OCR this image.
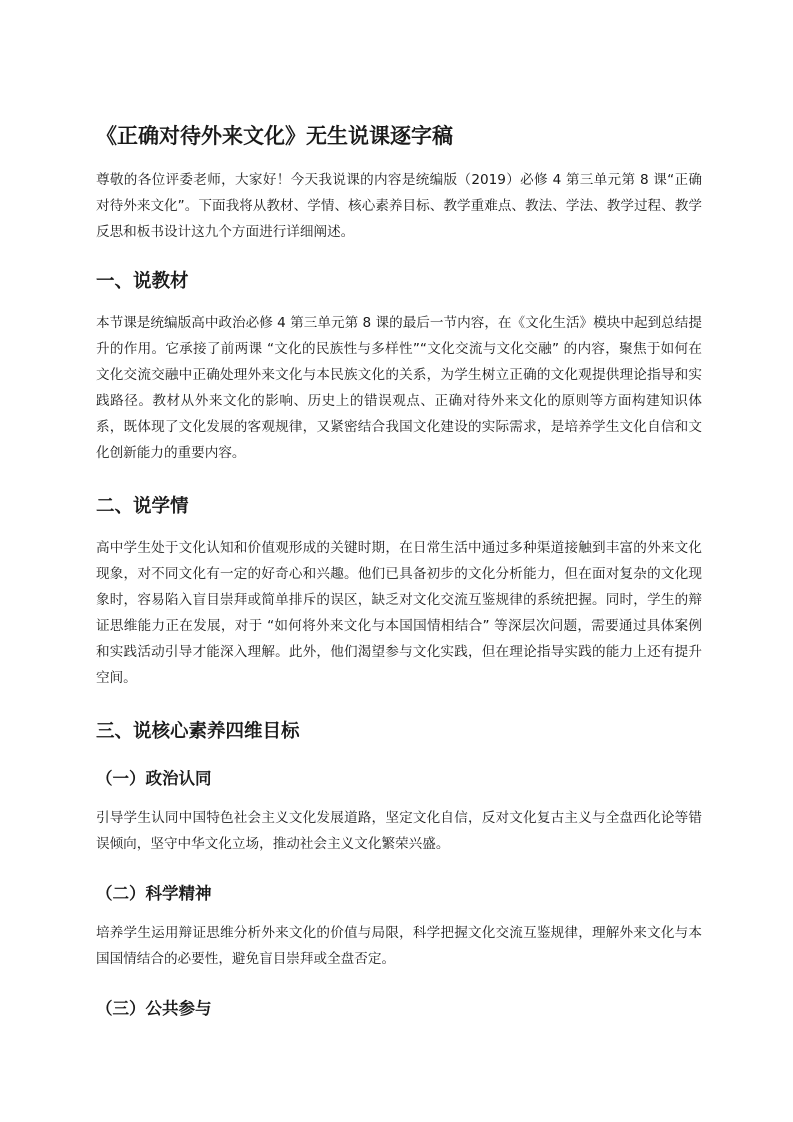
《正确对待外来文化》无生说课逐字稿

尊敬的各位评委老师，大家好！今天我说课的内容是统编版（2019）必修 4 第三单元第 8 课“正确对待外来文化”。下面我将从教材、学情、核心素养目标、教学重难点、教法、学法、教学过程、教学反思和板书设计这九个方面进行详细阐述。

一、说教材

本节课是统编版高中政治必修 4 第三单元第 8 课的最后一节内容，在《文化生活》模块中起到总结提升的作用。它承接了前两课 “文化的民族性与多样性”“文化交流与文化交融” 的内容，聚焦于如何在文化交流交融中正确处理外来文化与本民族文化的关系，为学生树立正确的文化观提供理论指导和实践路径。教材从外来文化的影响、历史上的错误观点、正确对待外来文化的原则等方面构建知识体系，既体现了文化发展的客观规律，又紧密结合我国文化建设的实际需求，是培养学生文化自信和文化创新能力的重要内容。

二、说学情

高中学生处于文化认知和价值观形成的关键时期，在日常生活中通过多种渠道接触到丰富的外来文化现象，对不同文化有一定的好奇心和兴趣。他们已具备初步的文化分析能力，但在面对复杂的文化现象时，容易陷入盲目崇拜或简单排斥的误区，缺乏对文化交流互鉴规律的系统把握。同时，学生的辩证思维能力正在发展，对于 “如何将外来文化与本国国情相结合” 等深层次问题，需要通过具体案例和实践活动引导才能深入理解。此外，他们渴望参与文化实践，但在理论指导实践的能力上还有提升空间。

三、说核心素养四维目标
（一）政治认同

引导学生认同中国特色社会主义文化发展道路，坚定文化自信，反对文化复古主义与全盘西化论等错误倾向，坚守中华文化立场，推动社会主义文化繁荣兴盛。

（二）科学精神

培养学生运用辩证思维分析外来文化的价值与局限，科学把握文化交流互鉴规律，理解外来文化与本国国情结合的必要性，避免盲目崇拜或全盘否定。

（三）公共参与
